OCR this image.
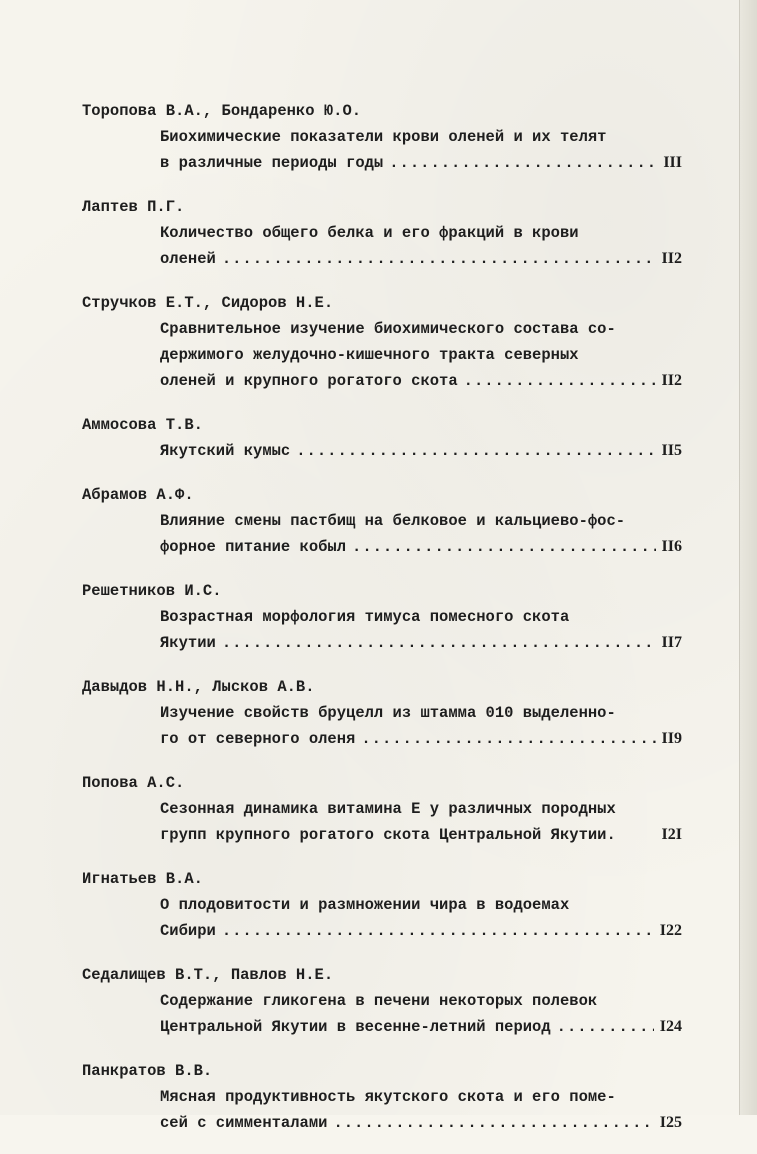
Торопова В.А., Бондаренко Ю.О.
Биохимические показатели крови оленей и их телят
в различные периоды годы .....	III
Лаптев П.Г.
Количество общего белка и его фракций в крови
оленей .....	II2
Стручков Е.Т., Сидоров Н.Е.
Сравнительное изучение биохимического состава со-
держимого желудочно-кишечного тракта северных
оленей и крупного рогатого скота .....	II2
Аммосова Т.В.
Якутский кумыс .....	II5
Абрамов А.Ф.
Влияние смены пастбищ на белковое и кальциево-фос-
форное питание кобыл .....	II6
Решетников И.С.
Возрастная морфология тимуса помесного скота
Якутии .....	II7
Давыдов Н.Н., Лысков А.В.
Изучение свойств бруцелл из штамма 010 выделенно-
го от северного оленя .....	II9
Попова А.С.
Сезонная динамика витамина Е у различных породных
групп крупного рогатого скота Центральной Якутии.	I2I
Игнатьев В.А.
О плодовитости и размножении чира в водоемах
Сибири .....	I22
Седалищев В.Т., Павлов Н.Е.
Содержание гликогена в печени некоторых полевок
Центральной Якутии в весенне-летний период .....	I24
Панкратов В.В.
Мясная продуктивность якутского скота и его поме-
сей с симменталами .....	I25
